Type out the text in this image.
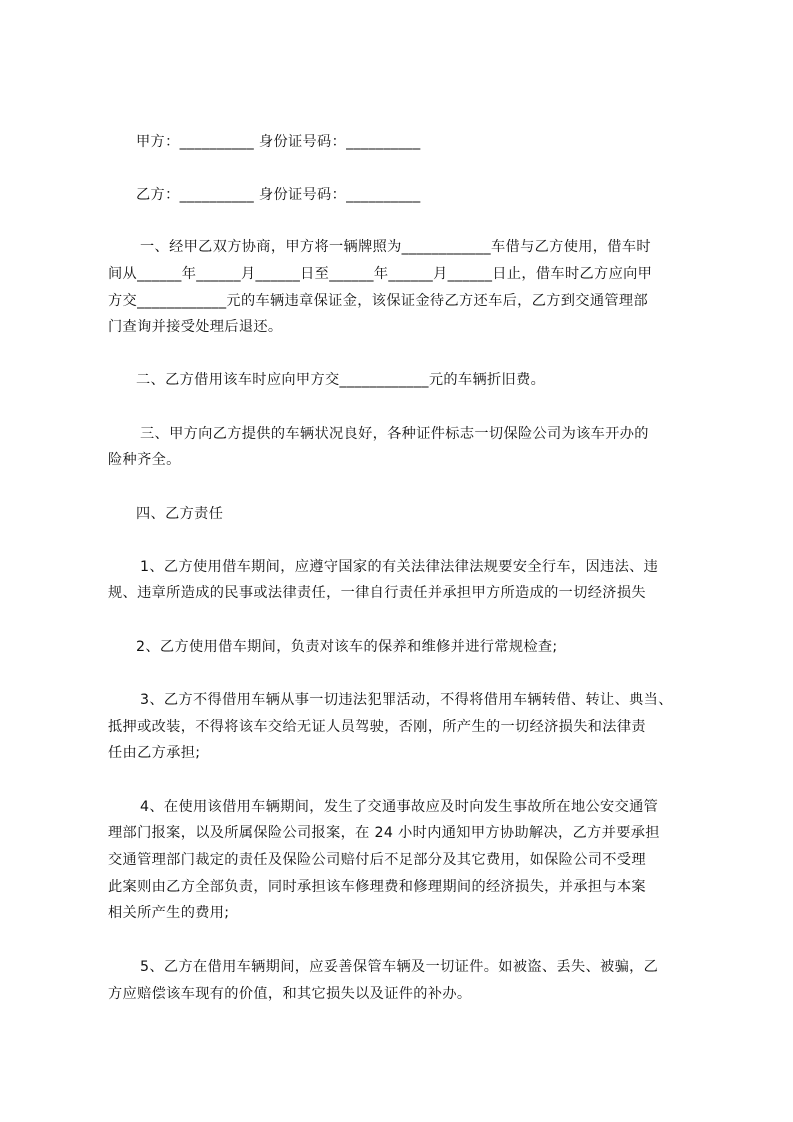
甲方：__________ 身份证号码：__________
乙方：__________ 身份证号码：__________
一、经甲乙双方协商，甲方将一辆牌照为____________车借与乙方使用，借车时
间从______年______月______日至______年______月______日止，借车时乙方应向甲
方交____________元的车辆违章保证金，该保证金待乙方还车后，乙方到交通管理部
门查询并接受处理后退还。
二、乙方借用该车时应向甲方交____________元的车辆折旧费。
三、甲方向乙方提供的车辆状况良好，各种证件标志一切保险公司为该车开办的
险种齐全。
四、乙方责任
1、乙方使用借车期间，应遵守国家的有关法律法律法规要安全行车，因违法、违
规、违章所造成的民事或法律责任，一律自行责任并承担甲方所造成的一切经济损失
2、乙方使用借车期间，负责对该车的保养和维修并进行常规检查;
3、乙方不得借用车辆从事一切违法犯罪活动，不得将借用车辆转借、转让、典当、
抵押或改装，不得将该车交给无证人员驾驶，否刚，所产生的一切经济损失和法律责
任由乙方承担;
4、在使用该借用车辆期间，发生了交通事故应及时向发生事故所在地公安交通管
理部门报案，以及所属保险公司报案，在 24 小时内通知甲方协助解决，乙方并要承担
交通管理部门裁定的责任及保险公司赔付后不足部分及其它费用，如保险公司不受理
此案则由乙方全部负责，同时承担该车修理费和修理期间的经济损失，并承担与本案
相关所产生的费用;
5、乙方在借用车辆期间，应妥善保管车辆及一切证件。如被盗、丢失、被骗，乙
方应赔偿该车现有的价值，和其它损失以及证件的补办。
